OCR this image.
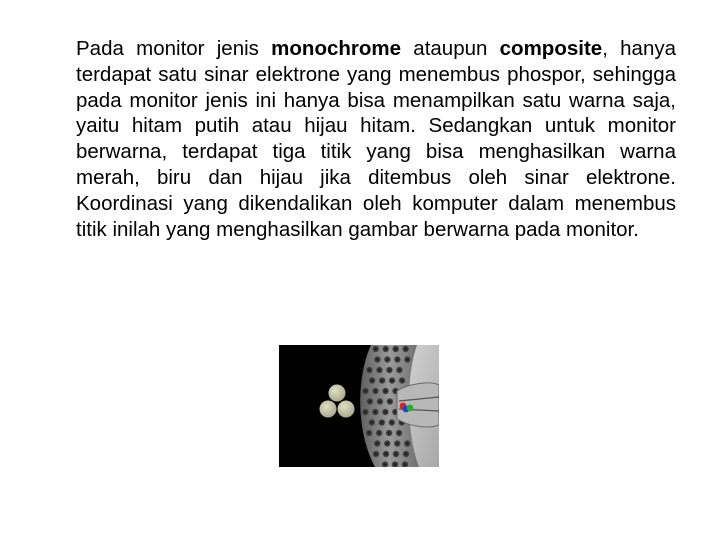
Pada monitor jenis monochrome ataupun composite, hanya terdapat satu sinar elektrone yang menembus phospor, sehingga pada monitor jenis ini hanya bisa menampilkan satu warna saja, yaitu hitam putih atau hijau hitam. Sedangkan untuk monitor berwarna, terdapat tiga titik yang bisa menghasilkan warna merah, biru dan hijau jika ditembus oleh sinar elektrone. Koordinasi yang dikendalikan oleh komputer dalam menembus titik inilah yang menghasilkan gambar berwarna pada monitor.
